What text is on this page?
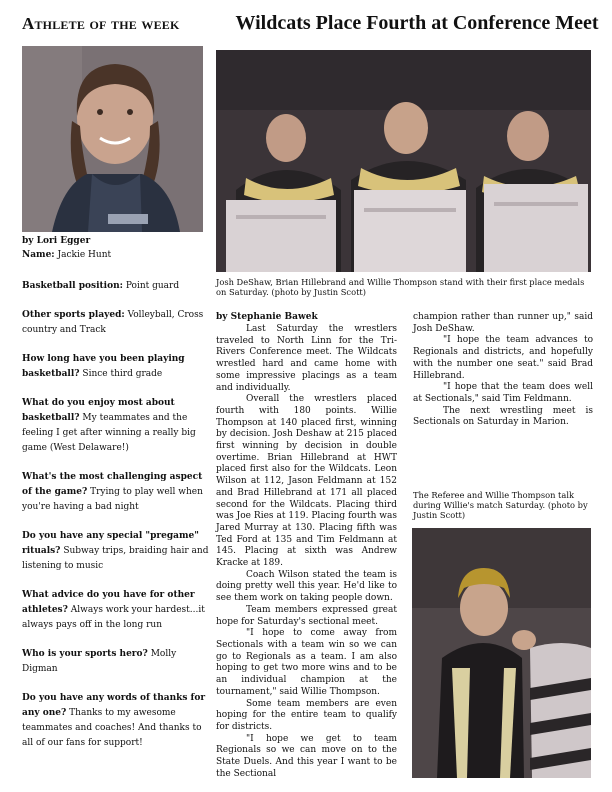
Athlete of the week
by Lori Egger
Name: Jackie Hunt

Basketball position: Point guard

Other sports played: Volleyball, Cross country and Track

How long have you been playing basketball? Since third grade

What do you enjoy most about basketball? My teammates and the feeling I get after winning a really big game (West Delaware!)

What's the most challenging aspect of the game? Trying to play well when you're having a bad night

Do you have any special "pregame" rituals? Subway trips, braiding hair and listening to music

What advice do you have for other athletes? Always work your hardest...it always pays off in the long run

Who is your sports hero? Molly Digman

Do you have any words of thanks for any one? Thanks to my awesome teammates and coaches! And thanks to all of our fans for support!

Wildcats Place Fourth at Conference Meet
Josh DeShaw, Brian Hillebrand and Willie Thompson stand with their first place medals on Saturday. (photo by Justin Scott)
by Stephanie Bawek

Last Saturday the wrestlers traveled to North Linn for the Tri-Rivers Conference meet. The Wildcats wrestled hard and came home with some impressive placings as a team and individually.

Overall the wrestlers placed fourth with 180 points. Willie Thompson at 140 placed first, winning by decision. Josh Deshaw at 215 placed first winning by decision in double overtime. Brian Hillebrand at HWT placed first also for the Wildcats. Leon Wilson at 112, Jason Feldmann at 152 and Brad Hillebrand at 171 all placed second for the Wildcats. Placing third was Joe Ries at 119. Placing fourth was Jared Murray at 130. Placing fifth was Ted Ford at 135 and Tim Feldmann at 145. Placing at sixth was Andrew Kracke at 189.

Coach Wilson stated the team is doing pretty well this year. He'd like to see them work on taking people down.

Team members expressed great hope for Saturday's sectional meet.

"I hope to come away from Sectionals with a team win so we can go to Regionals as a team. I am also hoping to get two more wins and to be an individual champion at the tournament," said Willie Thompson.

Some team members are even hoping for the entire team to qualify for districts.

"I hope we get to team Regionals so we can move on to the State Duels. And this year I want to be the Sectional

champion rather than runner up," said Josh DeShaw.

"I hope the team advances to Regionals and districts, and hopefully with the number one seat." said Brad Hillebrand.

"I hope that the team does well at Sectionals," said Tim Feldmann.

The next wrestling meet is Sectionals on Saturday in Marion.

The Referee and Willie Thompson talk during Willie's match Saturday. (photo by Justin Scott)
